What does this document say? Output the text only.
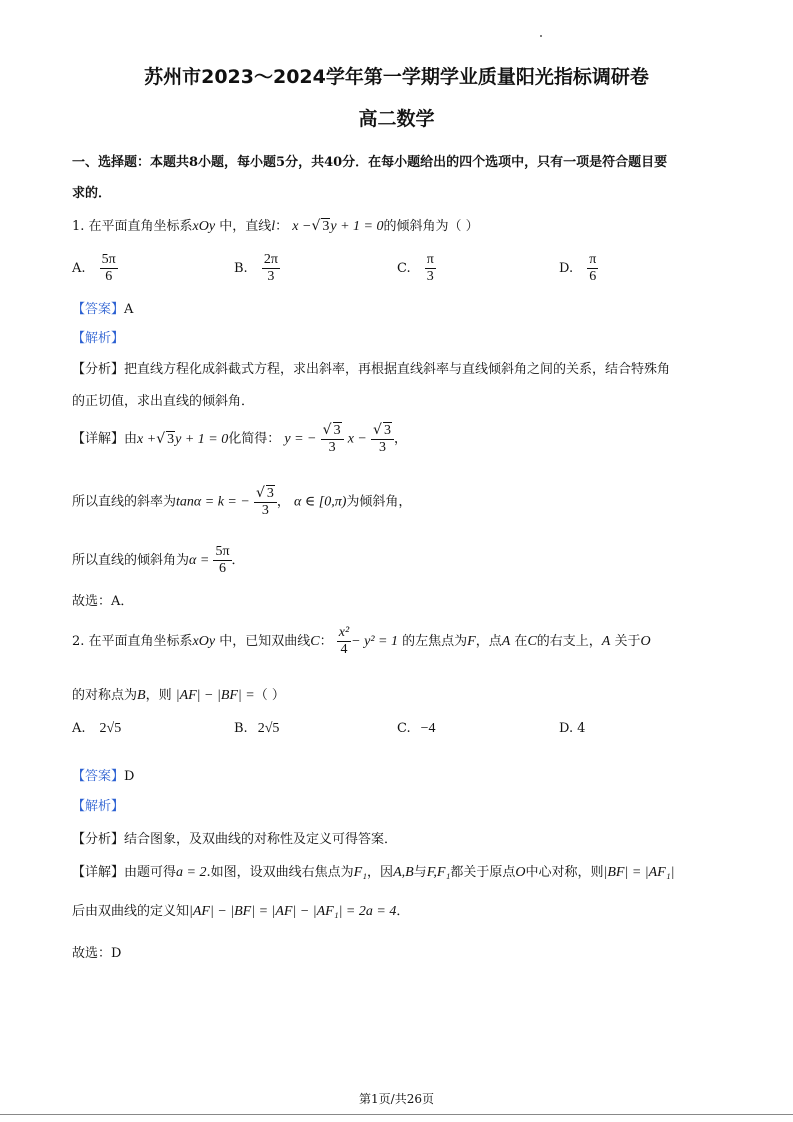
苏州市2023～2024学年第一学期学业质量阳光指标调研卷
高二数学
一、选择题：本题共8小题，每小题5分，共40分．在每小题给出的四个选项中，只有一项是符合题目要
求的．
1. 在平面直角坐标系xOy 中，直线l： x −√ 3y + 1 = 0的倾斜角为（ ）
A. $\frac{5\pi}{6}$	B. $\frac{2\pi}{3}$	C. $\frac{\pi}{3}$	D. $\frac{\pi}{6}$
【答案】A
【解析】
【分析】把直线方程化成斜截式方程，求出斜率，再根据直线斜率与直线倾斜角之间的关系，结合特殊角
的正切值，求出直线的倾斜角．
【详解】由x +√ 3y + 1 = 0化简得： y = − $\frac{√ 3}{3}$ $x - \frac{√ 3}{3}$ ，
所以直线的斜率为tanα = k = − $\frac{√ 3}{3}$ ， α ∈ [0,π)为倾斜角，
所以直线的倾斜角为$\alpha = \frac{5\pi}{6}$ ．
故选：A．
2. 在平面直角坐标系xOy 中，已知双曲线C： $\frac{\text{x²}}{4} - y^2 = 1$ 的左焦点为F，点A 在C的右支上，A 关于O
的对称点为B，则 |AF| − |BF| =（ ）
A. 2√5	B. 2√5	C. −4	D. 4
【答案】D
【解析】
【分析】结合图象，及双曲线的对称性及定义可得答案．
【详解】由题可得a = 2.如图，设双曲线右焦点为F₁，因A,B与F,F₁都关于原点O中心对称，则|BF| = |AF₁|
后由双曲线的定义知|AF| − |BF| = |AF| − |AF₁| = 2a = 4．
故选：D
第1页/共26页
